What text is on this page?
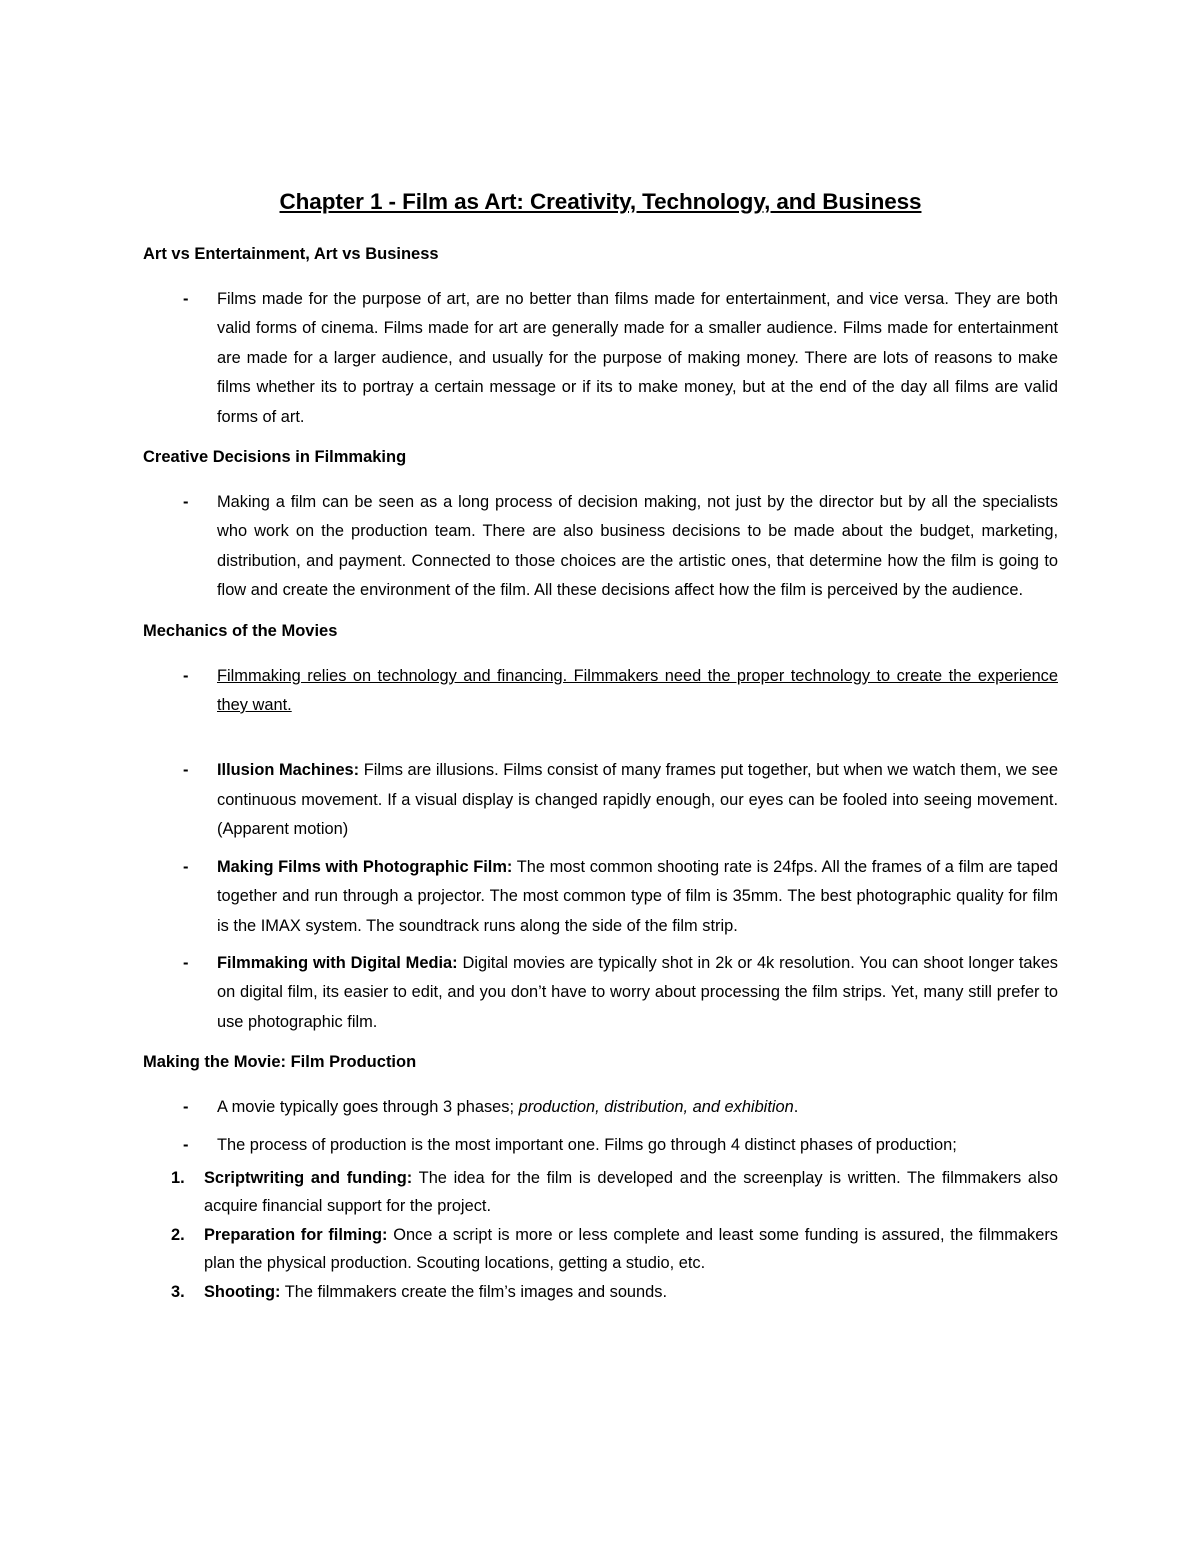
Chapter 1 - Film as Art: Creativity, Technology, and Business
Art vs Entertainment, Art vs Business
- Films made for the purpose of art, are no better than films made for entertainment, and vice versa. They are both valid forms of cinema. Films made for art are generally made for a smaller audience. Films made for entertainment are made for a larger audience, and usually for the purpose of making money. There are lots of reasons to make films whether its to portray a certain message or if its to make money, but at the end of the day all films are valid forms of art.
Creative Decisions in Filmmaking
- Making a film can be seen as a long process of decision making, not just by the director but by all the specialists who work on the production team. There are also business decisions to be made about the budget, marketing, distribution, and payment. Connected to those choices are the artistic ones, that determine how the film is going to flow and create the environment of the film. All these decisions affect how the film is perceived by the audience.
Mechanics of the Movies
- Filmmaking relies on technology and financing. Filmmakers need the proper technology to create the experience they want.
- Illusion Machines: Films are illusions. Films consist of many frames put together, but when we watch them, we see continuous movement. If a visual display is changed rapidly enough, our eyes can be fooled into seeing movement. (Apparent motion)
- Making Films with Photographic Film: The most common shooting rate is 24fps. All the frames of a film are taped together and run through a projector. The most common type of film is 35mm. The best photographic quality for film is the IMAX system. The soundtrack runs along the side of the film strip.
- Filmmaking with Digital Media: Digital movies are typically shot in 2k or 4k resolution. You can shoot longer takes on digital film, its easier to edit, and you don’t have to worry about processing the film strips. Yet, many still prefer to use photographic film.
Making the Movie: Film Production
- A movie typically goes through 3 phases; production, distribution, and exhibition.
- The process of production is the most important one. Films go through 4 distinct phases of production;
1. Scriptwriting and funding: The idea for the film is developed and the screenplay is written. The filmmakers also acquire financial support for the project.
2. Preparation for filming: Once a script is more or less complete and least some funding is assured, the filmmakers plan the physical production. Scouting locations, getting a studio, etc.
3. Shooting: The filmmakers create the film’s images and sounds.
